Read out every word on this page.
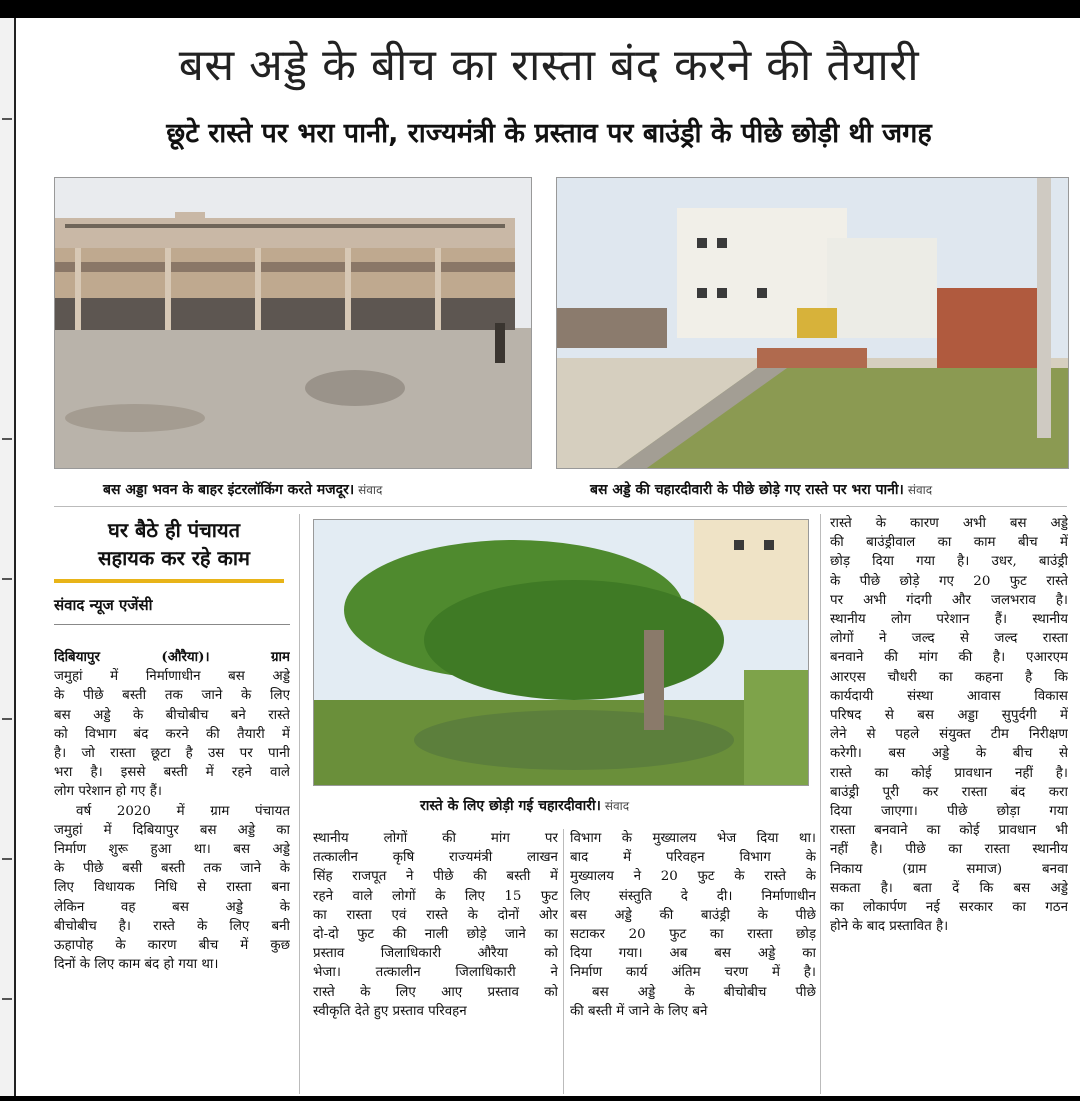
बस अड्डे के बीच का रास्ता बंद करने की तैयारी
छूटे रास्ते पर भरा पानी, राज्यमंत्री के प्रस्ताव पर बाउंड्री के पीछे छोड़ी थी जगह
बस अड्डा भवन के बाहर इंटरलॉकिंग करते मजदूर। संवाद	बस अड्डे की चहारदीवारी के पीछे छोड़े गए रास्ते पर भरा पानी। संवाद
रास्ते के लिए छोड़ी गई चहारदीवारी। संवाद
घर बैठे ही पंचायत
सहायक कर रहे काम
संवाद न्यूज एजेंसी
दिबियापुर (औरैया)। ग्राम
जमुहां में निर्माणाधीन बस अड्डे
के पीछे बस्ती तक जाने के लिए
बस अड्डे के बीचोबीच बने रास्ते
को विभाग बंद करने की तैयारी में
है। जो रास्ता छूटा है उस पर पानी
भरा है। इससे बस्ती में रहने वाले
लोग परेशान हो गए हैं।
वर्ष 2020 में ग्राम पंचायत
जमुहां में दिबियापुर बस अड्डे का
निर्माण शुरू हुआ था। बस अड्डे
के पीछे बसी बस्ती तक जाने के
लिए विधायक निधि से रास्ता बना
लेकिन वह बस अड्डे के
बीचोबीच है। रास्ते के लिए बनी
ऊहापोह के कारण बीच में कुछ
दिनों के लिए काम बंद हो गया था।
स्थानीय लोगों की मांग पर
तत्कालीन कृषि राज्यमंत्री लाखन
सिंह राजपूत ने पीछे की बस्ती में
रहने वाले लोगों के लिए 15 फुट
का रास्ता एवं रास्ते के दोनों ओर
दो-दो फुट की नाली छोड़े जाने का
प्रस्ताव जिलाधिकारी औरैया को
भेजा। तत्कालीन जिलाधिकारी ने
रास्ते के लिए आए प्रस्ताव को
स्वीकृति देते हुए प्रस्ताव परिवहन
विभाग के मुख्यालय भेज दिया था।
बाद में परिवहन विभाग के
मुख्यालय ने 20 फुट के रास्ते के
लिए संस्तुति दे दी। निर्माणाधीन
बस अड्डे की बाउंड्री के पीछे
सटाकर 20 फुट का रास्ता छोड़
दिया गया। अब बस अड्डे का
निर्माण कार्य अंतिम चरण में है।
बस अड्डे के बीचोबीच पीछे
की बस्ती में जाने के लिए बने
रास्ते के कारण अभी बस अड्डे
की बाउंड्रीवाल का काम बीच में
छोड़ दिया गया है। उधर, बाउंड्री
के पीछे छोड़े गए 20 फुट रास्ते
पर अभी गंदगी और जलभराव है।
स्थानीय लोग परेशान हैं। स्थानीय
लोगों ने जल्द से जल्द रास्ता
बनवाने की मांग की है। एआरएम
आरएस चौधरी का कहना है कि
कार्यदायी संस्था आवास विकास
परिषद से बस अड्डा सुपुर्दगी में
लेने से पहले संयुक्त टीम निरीक्षण
करेगी। बस अड्डे के बीच से
रास्ते का कोई प्रावधान नहीं है।
बाउंड्री पूरी कर रास्ता बंद करा
दिया जाएगा। पीछे छोड़ा गया
रास्ता बनवाने का कोई प्रावधान भी
नहीं है। पीछे का रास्ता स्थानीय
निकाय (ग्राम समाज) बनवा
सकता है। बता दें कि बस अड्डे
का लोकार्पण नई सरकार का गठन
होने के बाद प्रस्तावित है।
